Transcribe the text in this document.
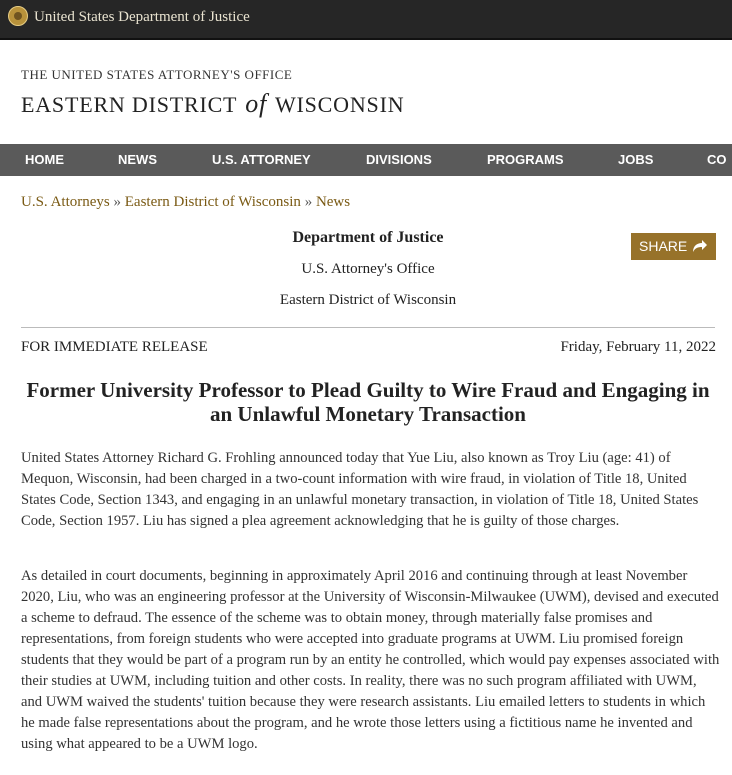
United States Department of Justice
THE UNITED STATES ATTORNEY'S OFFICE
EASTERN DISTRICT of WISCONSIN
HOME	NEWS	U.S. ATTORNEY	DIVISIONS	PROGRAMS	JOBS	CO
U.S. Attorneys » Eastern District of Wisconsin » News
Department of Justice
U.S. Attorney's Office
Eastern District of Wisconsin
SHARE
FOR IMMEDIATE RELEASE	Friday, February 11, 2022
Former University Professor to Plead Guilty to Wire Fraud and Engaging in an Unlawful Monetary Transaction

United States Attorney Richard G. Frohling announced today that Yue Liu, also known as Troy Liu (age: 41) of Mequon, Wisconsin, had been charged in a two-count information with wire fraud, in violation of Title 18, United States Code, Section 1343, and engaging in an unlawful monetary transaction, in violation of Title 18, United States Code, Section 1957. Liu has signed a plea agreement acknowledging that he is guilty of those charges.

As detailed in court documents, beginning in approximately April 2016 and continuing through at least November 2020, Liu, who was an engineering professor at the University of Wisconsin-Milwaukee (UWM), devised and executed a scheme to defraud. The essence of the scheme was to obtain money, through materially false promises and representations, from foreign students who were accepted into graduate programs at UWM. Liu promised foreign students that they would be part of a program run by an entity he controlled, which would pay expenses associated with their studies at UWM, including tuition and other costs. In reality, there was no such program affiliated with UWM, and UWM waived the students' tuition because they were research assistants. Liu emailed letters to students in which he made false representations about the program, and he wrote those letters using a fictitious name he invented and using what appeared to be a UWM logo.
